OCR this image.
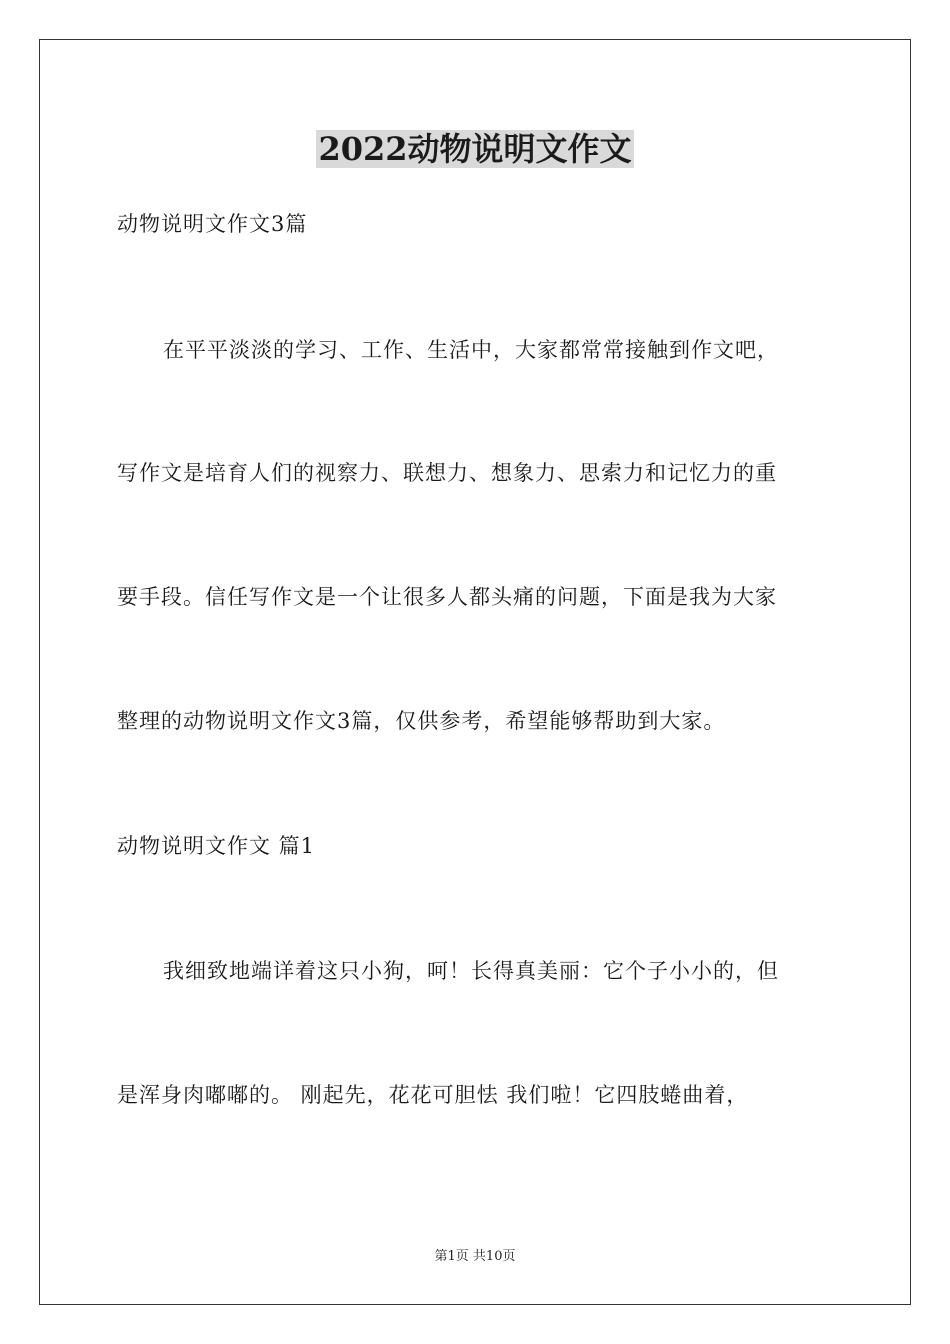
2022动物说明文作文
动物说明文作文3篇
在平平淡淡的学习、工作、生活中，大家都常常接触到作文吧，
写作文是培育人们的视察力、联想力、想象力、思索力和记忆力的重
要手段。信任写作文是一个让很多人都头痛的问题，下面是我为大家
整理的动物说明文作文3篇，仅供参考，希望能够帮助到大家。
动物说明文作文 篇1
我细致地端详着这只小狗，呵！长得真美丽：它个子小小的，但
是浑身肉嘟嘟的。 刚起先，花花可胆怯 我们啦！它四肢蜷曲着，
第1页 共10页
